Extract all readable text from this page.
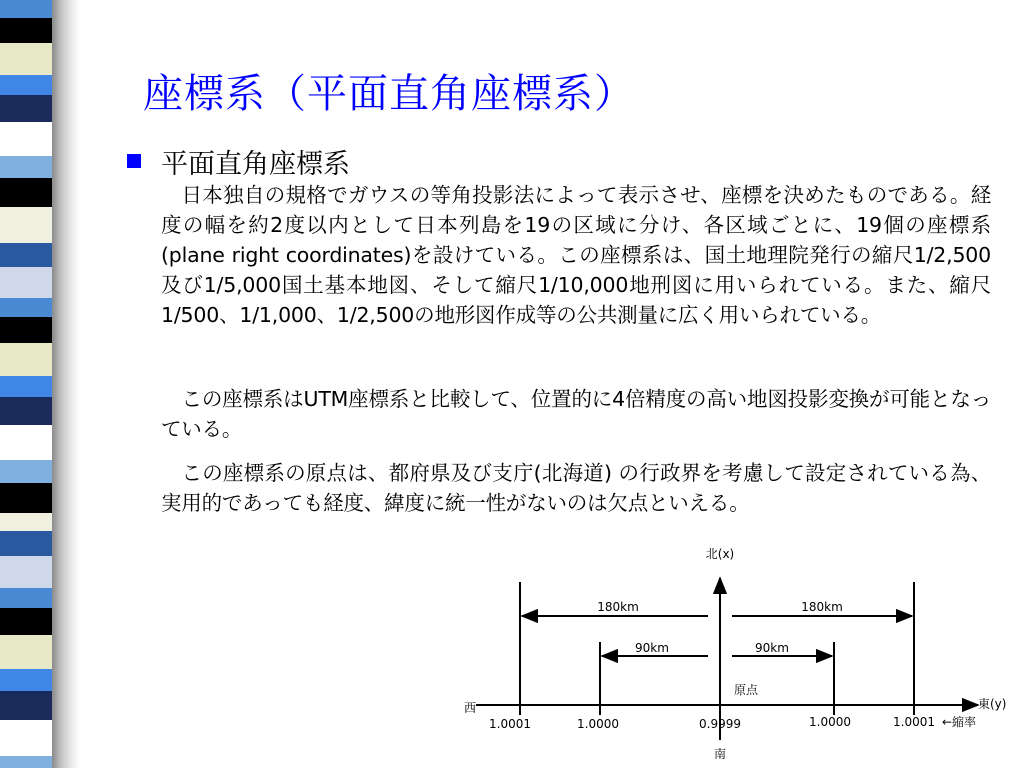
座標系（平面直角座標系）
平面直角座標系

日本独自の規格でガウスの等角投影法によって表示させ、座標を決めたものである。経度の幅を約2度以内として日本列島を19の区域に分け、各区域ごとに、19個の座標系(plane right coordinates)を設けている。この座標系は、国土地理院発行の縮尺1/2,500及び1/5,000国土基本地図、そして縮尺1/10,000地刑図に用いられている。また、縮尺1/500、1/1,000、1/2,500の地形図作成等の公共測量に広く用いられている。

この座標系はUTM座標系と比較して、位置的に4倍精度の高い地図投影変換が可能となっている。

この座標系の原点は、都府県及び支庁(北海道) の行政界を考慮して設定されている為、実用的であっても経度、緯度に統一性がないのは欠点といえる。

北(x)
西	東(y)
南
原点
180km	180km
90km	90km
1.0001	1.0000	0.9999	1.0000	1.0001 ←縮率
